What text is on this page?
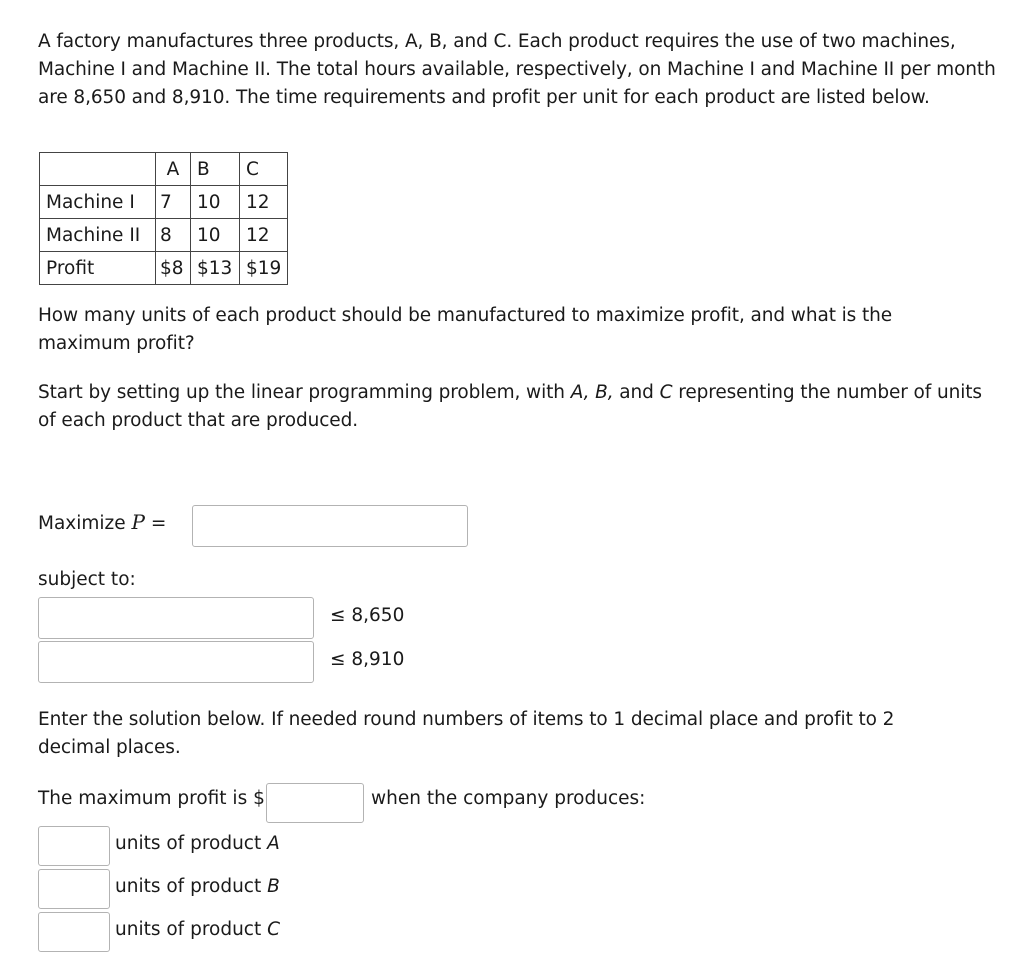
A factory manufactures three products, A, B, and C. Each product requires the use of two machines, Machine I and Machine II. The total hours available, respectively, on Machine I and Machine II per month are 8,650 and 8,910. The time requirements and profit per unit for each product are listed below.
	A	B	C
Machine I	7	10	12
Machine II	8	10	12
Profit	$8	$13	$19
How many units of each product should be manufactured to maximize profit, and what is the maximum profit?
Start by setting up the linear programming problem, with A, B, and C representing the number of units of each product that are produced.
Maximize P =
subject to:
≤ 8,650
≤ 8,910
Enter the solution below. If needed round numbers of items to 1 decimal place and profit to 2 decimal places.
The maximum profit is $	when the company produces:
units of product A
units of product B
units of product C
